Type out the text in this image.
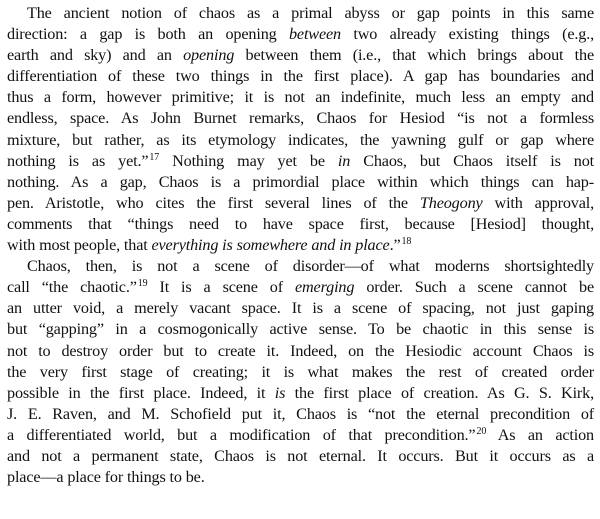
The ancient notion of chaos as a primal abyss or gap points in this same
direction: a gap is both an opening between two already existing things (e.g.,
earth and sky) and an opening between them (i.e., that which brings about the
differentiation of these two things in the first place). A gap has boundaries and
thus a form, however primitive; it is not an indefinite, much less an empty and
endless, space. As John Burnet remarks, Chaos for Hesiod “is not a formless
mixture, but rather, as its etymology indicates, the yawning gulf or gap where
nothing is as yet.”$^{17}$ Nothing may yet be in Chaos, but Chaos itself is not
nothing. As a gap, Chaos is a primordial place within which things can hap-
pen. Aristotle, who cites the first several lines of the Theogony with approval,
comments that “things need to have space first, because [Hesiod] thought,
with most people, that everything is somewhere and in place.”$^{18}$
Chaos, then, is not a scene of disorder—of what moderns shortsightedly
call “the chaotic.”$^{19}$ It is a scene of emerging order. Such a scene cannot be
an utter void, a merely vacant space. It is a scene of spacing, not just gaping
but “gapping” in a cosmogonically active sense. To be chaotic in this sense is
not to destroy order but to create it. Indeed, on the Hesiodic account Chaos is
the very first stage of creating; it is what makes the rest of created order
possible in the first place. Indeed, it is the first place of creation. As G. S. Kirk,
J. E. Raven, and M. Schofield put it, Chaos is “not the eternal precondition of
a differentiated world, but a modification of that precondition.”$^{20}$ As an action
and not a permanent state, Chaos is not eternal. It occurs. But it occurs as a
place—a place for things to be.
